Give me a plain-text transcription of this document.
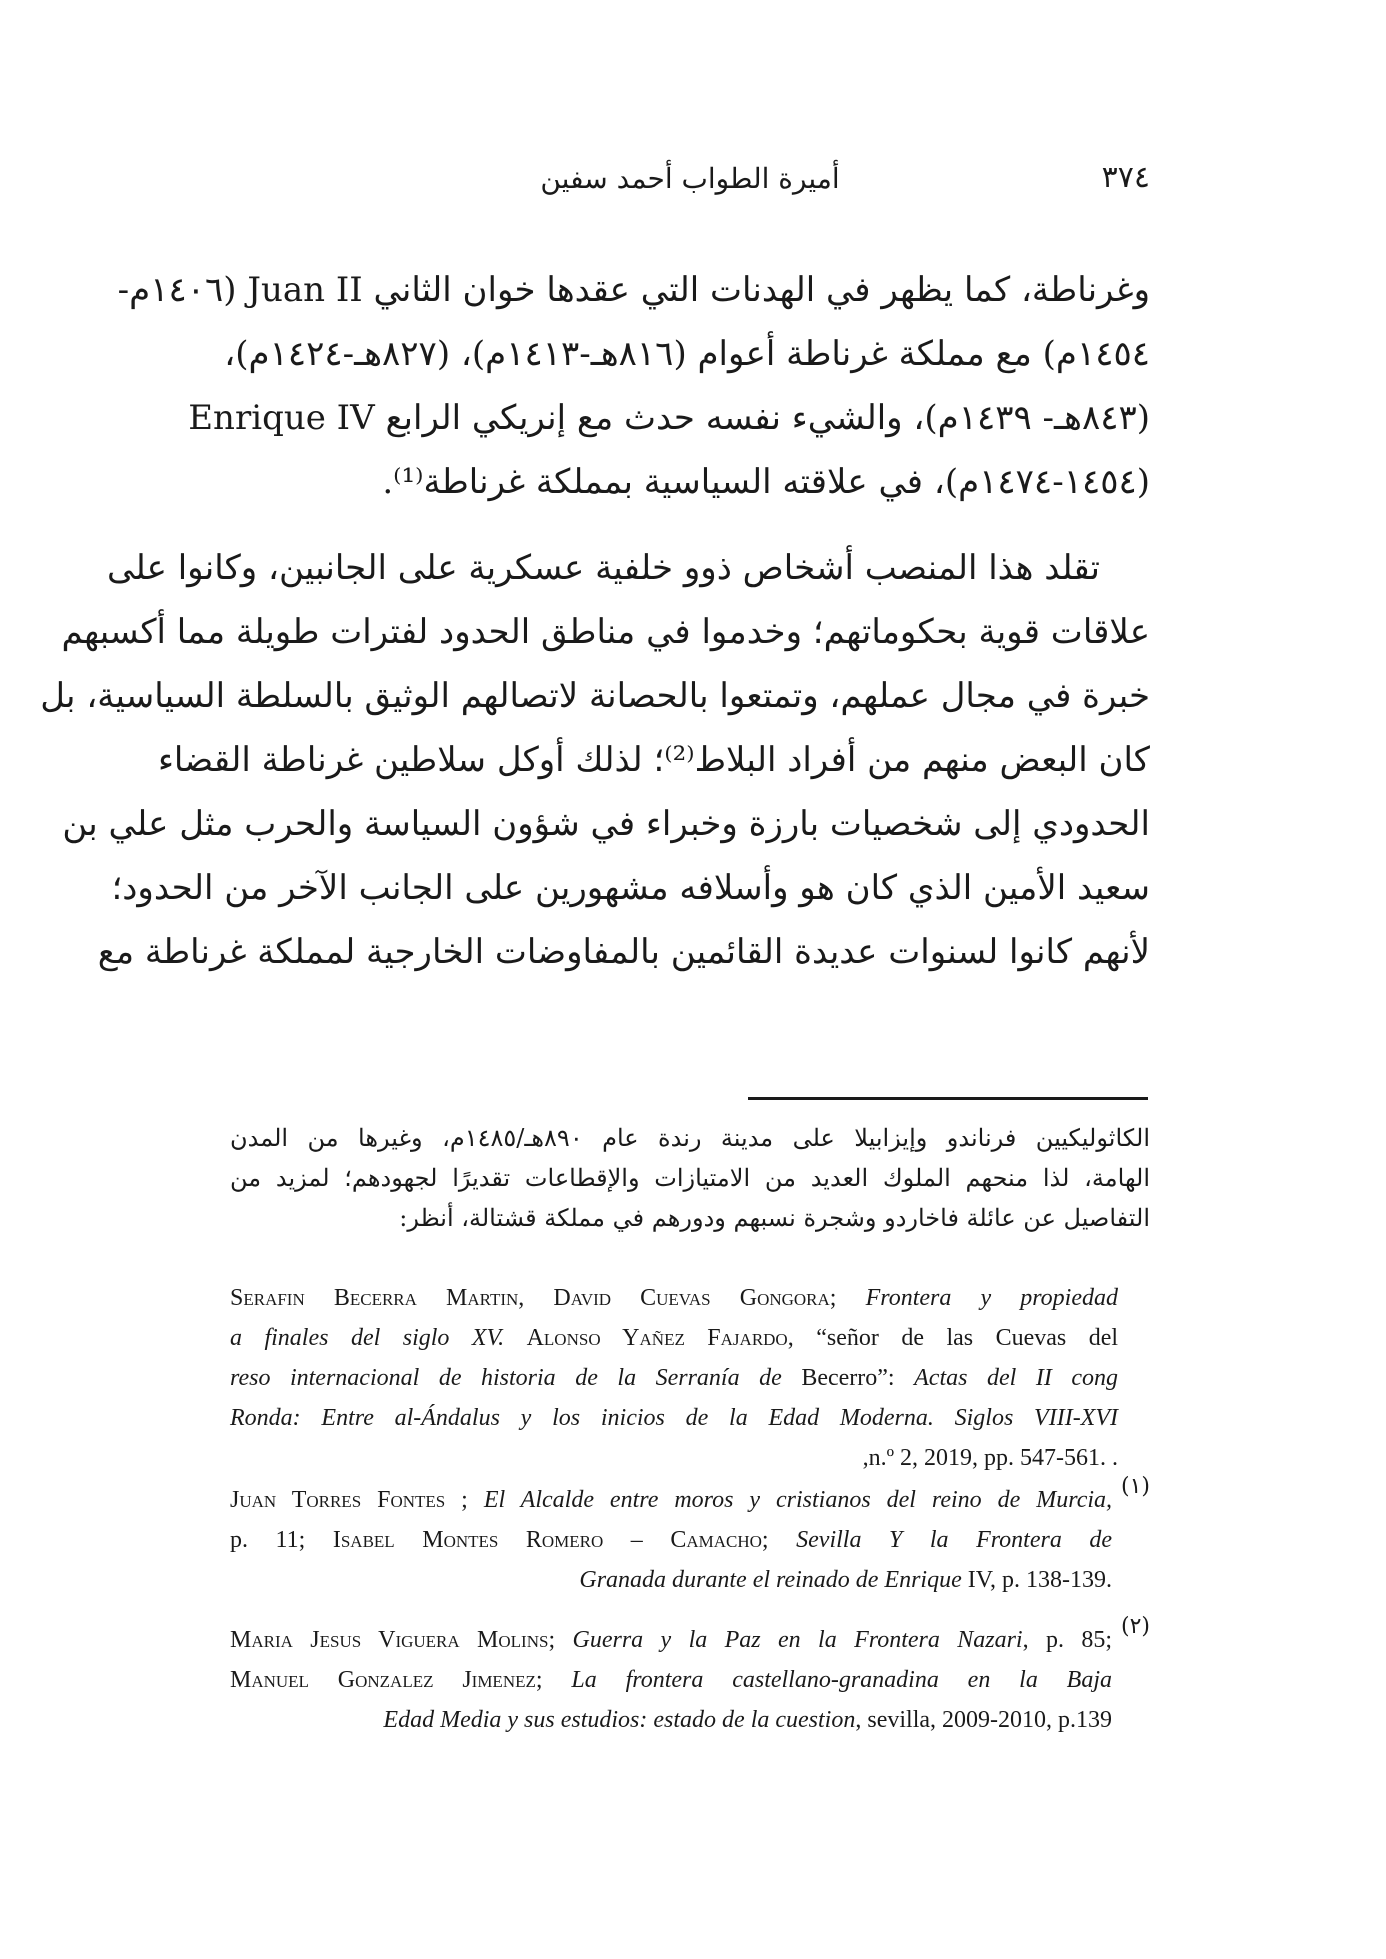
٣٧٤
أميرة الطواب أحمد سفين
وغرناطة، كما يظهر في الهدنات التي عقدها خوان الثاني Juan II (١٤٠٦م-
١٤٥٤م) مع مملكة غرناطة أعوام (٨١٦هـ-١٤١٣م)، (٨٢٧هـ-١٤٢٤م)،
(٨٤٣هـ- ١٤٣٩م)، والشيء نفسه حدث مع إنريكي الرابع Enrique IV
(١٤٥٤-١٤٧٤م)، في علاقته السياسية بمملكة غرناطة⁽¹⁾.
تقلد هذا المنصب أشخاص ذوو خلفية عسكرية على الجانبين، وكانوا على
علاقات قوية بحكوماتهم؛ وخدموا في مناطق الحدود لفترات طويلة مما أكسبهم
خبرة في مجال عملهم، وتمتعوا بالحصانة لاتصالهم الوثيق بالسلطة السياسية، بل
كان البعض منهم من أفراد البلاط⁽²⁾؛ لذلك أوكل سلاطين غرناطة القضاء
الحدودي إلى شخصيات بارزة وخبراء في شؤون السياسة والحرب مثل علي بن
سعيد الأمين الذي كان هو وأسلافه مشهورين على الجانب الآخر من الحدود؛
لأنهم كانوا لسنوات عديدة القائمين بالمفاوضات الخارجية لمملكة غرناطة مع
الكاثوليكيين فرناندو وإيزابيلا على مدينة رندة عام ٨٩٠هـ/١٤٨٥م، وغيرها من المدن
الهامة، لذا منحهم الملوك العديد من الامتيازات والإقطاعات تقديرًا لجهودهم؛ لمزيد من
التفاصيل عن عائلة فاخاردو وشجرة نسبهم ودورهم في مملكة قشتالة، أنظر:
Serafin Becerra Martin, David Cuevas Gongora; Frontera y propiedad
a finales del siglo XV. Alonso Yañez Fajardo, “señor de las Cuevas del
reso internacional de historia de la Serranía de Becerro”: Actas del II cong
Ronda: Entre al-Ándalus y los inicios de la Edad Moderna. Siglos VIII-XVI
,n.º 2, 2019, pp. 547-561. .
(١)
Juan Torres Fontes ; El Alcalde entre moros y cristianos del reino de Murcia,
p. 11; Isabel Montes Romero – Camacho; Sevilla Y la Frontera de
Granada durante el reinado de Enrique IV, p. 138-139.
(٢)
Maria Jesus Viguera Molins; Guerra y la Paz en la Frontera Nazari, p. 85;
Manuel Gonzalez Jimenez; La frontera castellano-granadina en la Baja
Edad Media y sus estudios: estado de la cuestion, sevilla, 2009-2010, p.139
